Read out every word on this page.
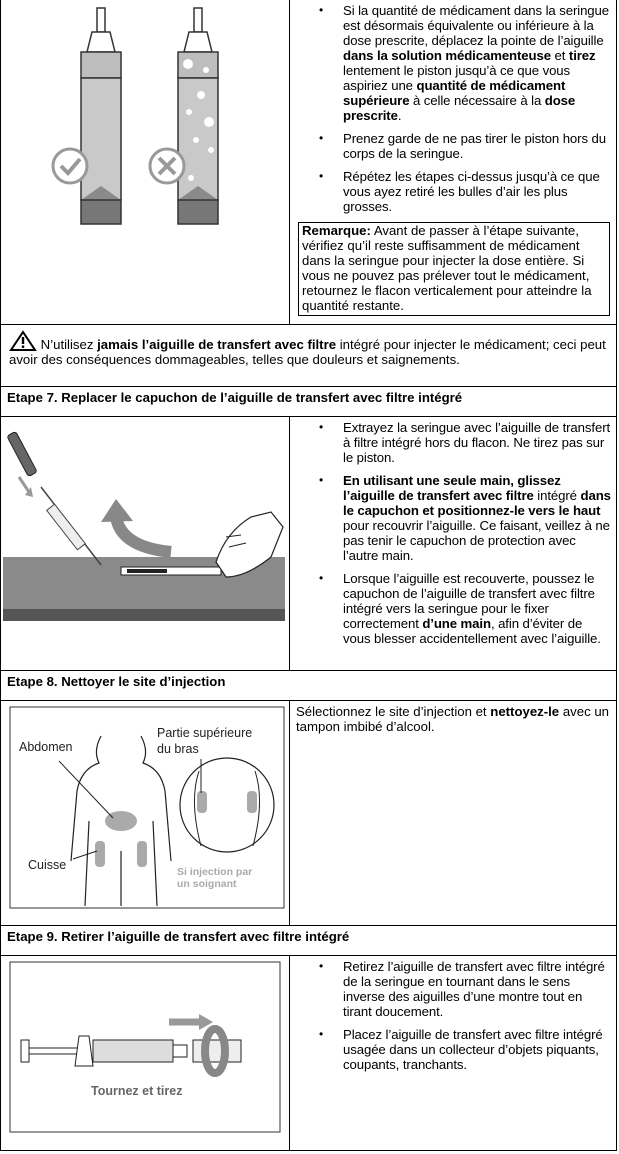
• Si la quantité de médicament dans la seringue est désormais équivalente ou inférieure à la dose prescrite, déplacez la pointe de l’aiguille dans la solution médicamenteuse et tirez lentement le piston jusqu’à ce que vous aspiriez une quantité de médicament supérieure à celle nécessaire à la dose prescrite.
• Prenez garde de ne pas tirer le piston hors du corps de la seringue.
• Répétez les étapes ci-dessus jusqu’à ce que vous ayez retiré les bulles d’air les plus grosses.
Remarque: Avant de passer à l’étape suivante, vérifiez qu’il reste suffisamment de médicament dans la seringue pour injecter la dose entière. Si vous ne pouvez pas prélever tout le médicament, retournez le flacon verticalement pour atteindre la quantité restante.
N’utilisez jamais l’aiguille de transfert avec filtre intégré pour injecter le médicament; ceci peut avoir des conséquences dommageables, telles que douleurs et saignements.
Etape 7. Replacer le capuchon de l’aiguille de transfert avec filtre intégré
• Extrayez la seringue avec l’aiguille de transfert à filtre intégré hors du flacon. Ne tirez pas sur le piston.
• En utilisant une seule main, glissez l’aiguille de transfert avec filtre intégré dans le capuchon et positionnez-le vers le haut pour recouvrir l’aiguille. Ce faisant, veillez à ne pas tenir le capuchon de protection avec l’autre main.
• Lorsque l’aiguille est recouverte, poussez le capuchon de l’aiguille de transfert avec filtre intégré vers la seringue pour le fixer correctement d’une main, afin d’éviter de vous blesser accidentellement avec l’aiguille.
Etape 8. Nettoyer le site d’injection
Abdomen
Partie supérieure
du bras
Cuisse	Si injection par
un soignant
Sélectionnez le site d’injection et nettoyez-le avec un tampon imbibé d’alcool.
Etape 9. Retirer l’aiguille de transfert avec filtre intégré
Tournez et tirez
• Retirez l’aiguille de transfert avec filtre intégré de la seringue en tournant dans le sens inverse des aiguilles d’une montre tout en tirant doucement.
• Placez l’aiguille de transfert avec filtre intégré usagée dans un collecteur d’objets piquants, coupants, tranchants.
